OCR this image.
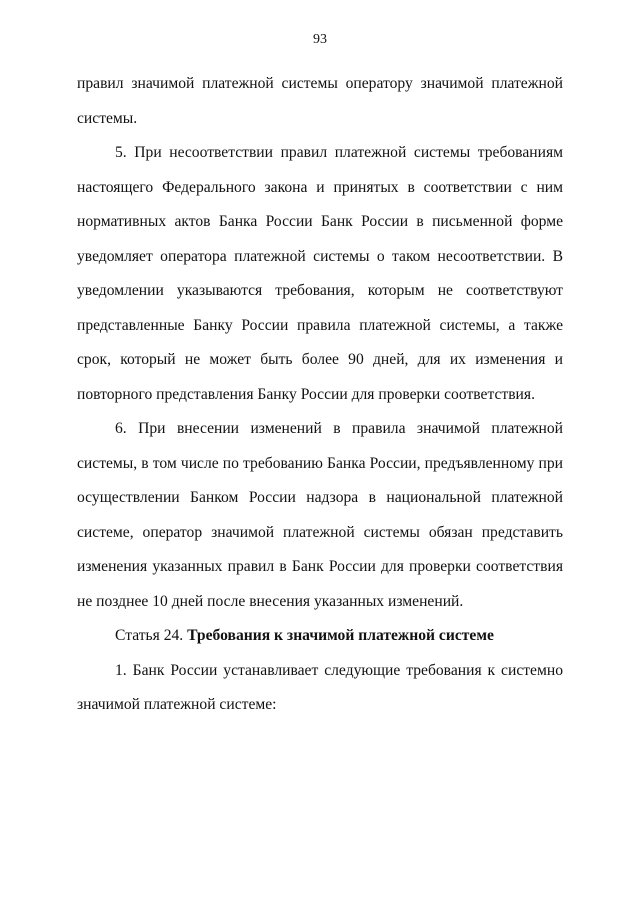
93

правил значимой платежной системы оператору значимой платежной системы.

5. При несоответствии правил платежной системы требованиям настоящего Федерального закона и принятых в соответствии с ним нормативных актов Банка России Банк России в письменной форме уведомляет оператора платежной системы о таком несоответствии. В уведомлении указываются требования, которым не соответствуют представленные Банку России правила платежной системы, а также срок, который не может быть более 90 дней, для их изменения и повторного представления Банку России для проверки соответствия.

6. При внесении изменений в правила значимой платежной системы, в том числе по требованию Банка России, предъявленному при осуществлении Банком России надзора в национальной платежной системе, оператор значимой платежной системы обязан представить изменения указанных правил в Банк России для проверки соответствия не позднее 10 дней после внесения указанных изменений.

Статья 24. Требования к значимой платежной системе

1. Банк России устанавливает следующие требования к системно значимой платежной системе:
